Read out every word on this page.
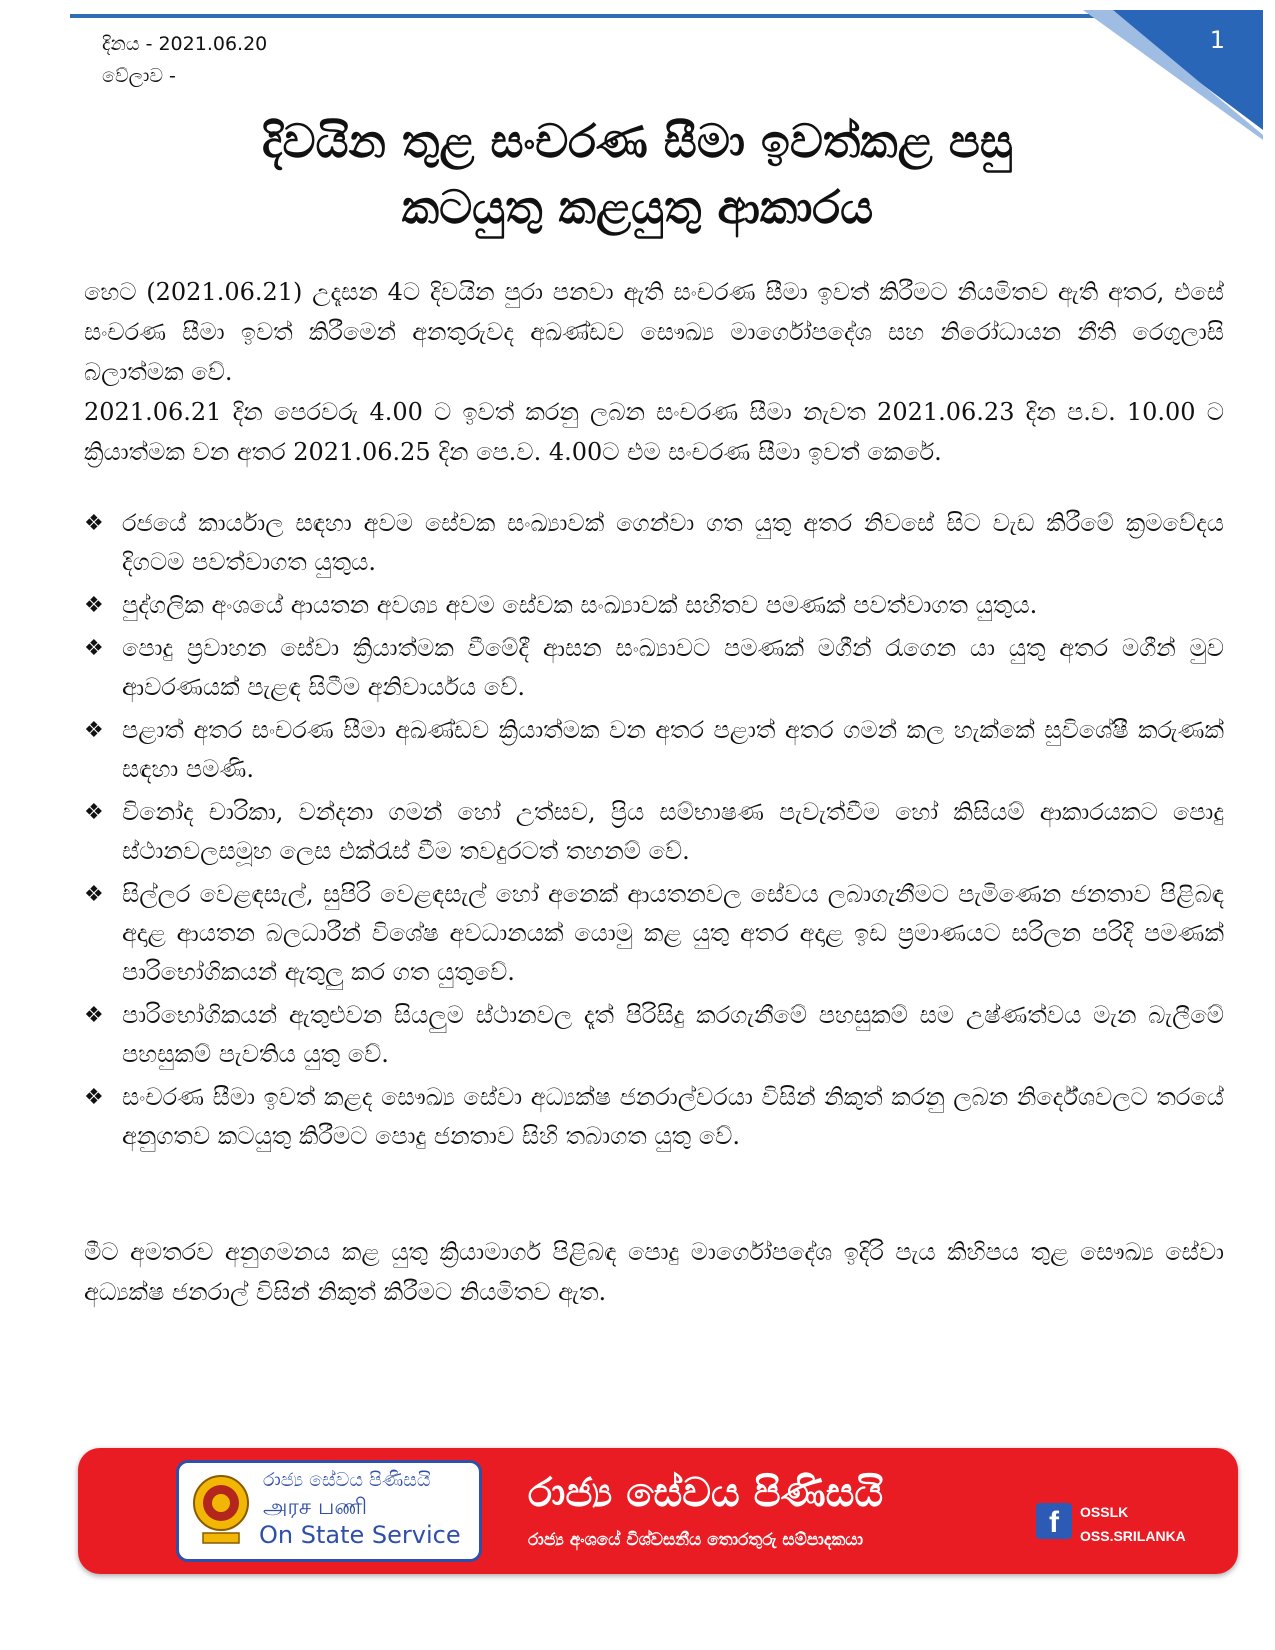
1
දිනය - 2021.06.20
වේලාව -
දිවයින තුළ සංචරණ සීමා ඉවත්කළ පසු
කටයුතු කළයුතු ආකාරය

හෙට (2021.06.21) උදෑසන 4ට දිවයින පුරා පනවා ඇති සංචරණ සීමා ඉවත් කිරීමට නියමිතව ඇති අතර, එසේ සංචරණ සීමා ඉවත් කිරීමෙන් අනතුරුවද අඛණ්ඩව සෞඛ්‍ය මාර්ගෝපදේශ සහ නිරෝධායන නීති රෙගුලාසි බලාත්මක වේ.

2021.06.21 දින පෙරවරු 4.00 ට ඉවත් කරනු ලබන සංචරණ සීමා නැවත 2021.06.23 දින ප.ව. 10.00 ට ක්‍රියාත්මක වන අතර 2021.06.25 දින පෙ.ව. 4.00ට එම සංචරණ සීමා ඉවත් කෙරේ.

❖ රජයේ කාර්යාල සඳහා අවම සේවක සංඛ්‍යාවක් ගෙන්වා ගත යුතු අතර නිවසේ සිට වැඩ කිරීමේ ක්‍රමවේදය දිගටම පවත්වාගත යුතුය.
❖ පුද්ගලික අංශයේ ආයතන අවශ්‍ය අවම සේවක සංඛ්‍යාවක් සහිතව පමණක් පවත්වාගත යුතුය.
❖ පොදු ප්‍රවාහන සේවා ක්‍රියාත්මක වීමේදී ආසන සංඛ්‍යාවට පමණක් මගීන් රැගෙන යා යුතු අතර මගීන් මුව ආවරණයක් පැළඳ සිටීම අනිවාර්යය වේ.
❖ පළාත් අතර සංචරණ සීමා අඛණ්ඩව ක්‍රියාත්මක වන අතර පළාත් අතර ගමන් කල හැක්කේ සුවිශේෂී කරුණක් සඳහා පමණි.
❖ විනෝද චාරිකා, වන්දනා ගමන් හෝ උත්සව, ප්‍රිය සම්භාෂණ පැවැත්වීම හෝ කිසියම් ආකාරයකට පොදු ස්ථානවලසමූහ ලෙස එක්රැස් වීම තවදුරටත් තහනම් වේ.
❖ සිල්ලර වෙළඳසැල්, සුපිරි වෙළඳසැල් හෝ අනෙක් ආයතනවල සේවය ලබාගැනීමට පැමිණෙන ජනතාව පිළිබඳ අදාළ ආයතන බලධාරීන් විශේෂ අවධානයක් යොමු කළ යුතු අතර අදාළ ඉඩ ප්‍රමාණයට සරිලන පරිදි පමණක් පාරිභෝගිකයන් ඇතුලු කර ගත යුතුවේ.
❖ පාරිභෝගිකයන් ඇතුළුවන සියලුම ස්ථානවල දෑත් පිරිසිදු කරගැනීමේ පහසුකම් සම උෂ්ණත්වය මැන බැලීමේ පහසුකම් පැවතිය යුතු වේ.
❖ සංචරණ සීමා ඉවත් කළද සෞඛ්‍ය සේවා අධ්‍යක්ෂ ජනරාල්වරයා විසින් නිකුත් කරනු ලබන නිර්දේශවලට තරයේ අනුගතව කටයුතු කිරීමට පොදු ජනතාව සිහි තබාගත යුතු වේ.
මීට අමතරව අනුගමනය කළ යුතු ක්‍රියාමාර්ග පිළිබඳ පොදු මාර්ගෝපදේශ ඉදිරි පැය කිහිපය තුළ සෞඛ්‍ය සේවා අධ්‍යක්ෂ ජනරාල් විසින් නිකුත් කිරීමට නියමිතව ඇත.
රාජ්‍ය සේවය පිණිසයි
அரச பணி
On State Service
රාජ්‍ය සේවය පිණිසයි
රාජ්‍ය අංශයේ විශ්වසනීය තොරතුරු සම්පාදකයා
f	OSSLK
OSS.SRILANKA
